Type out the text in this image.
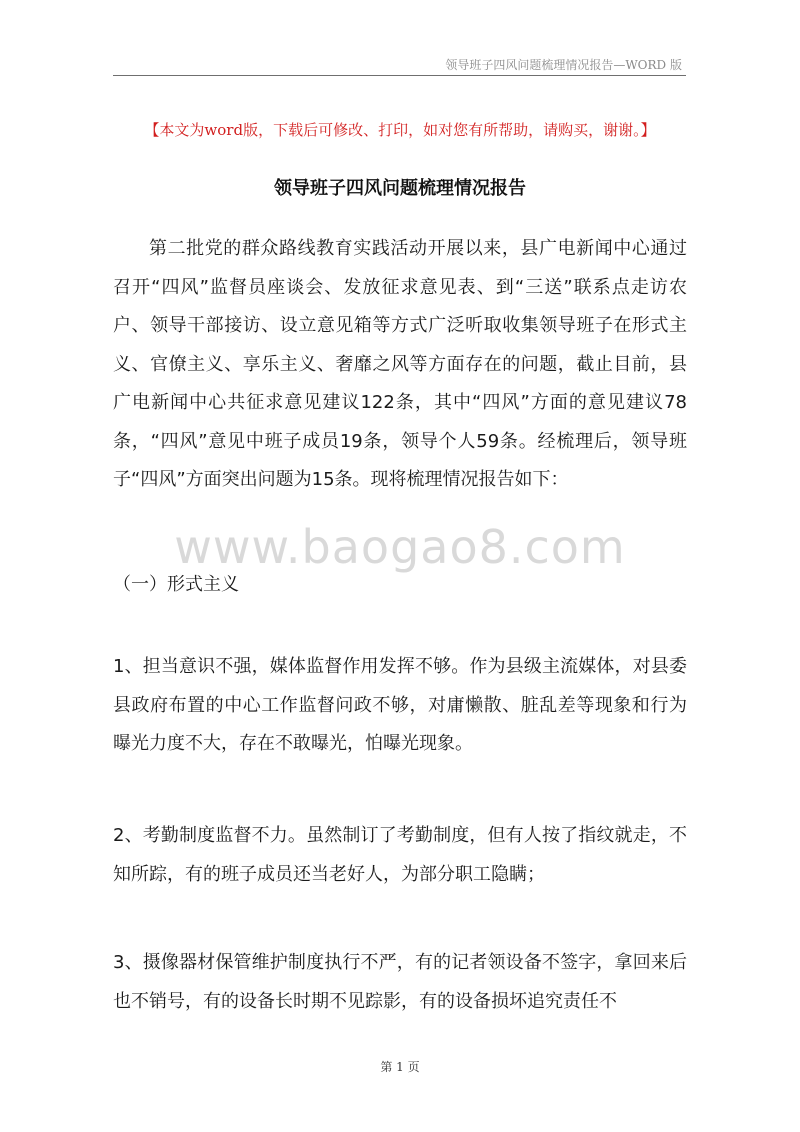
领导班子四风问题梳理情况报告—WORD 版
【本文为word版，下载后可修改、打印，如对您有所帮助，请购买，谢谢。】
领导班子四风问题梳理情况报告
第二批党的群众路线教育实践活动开展以来，县广电新闻中心通过召开“四风”监督员座谈会、发放征求意见表、到“三送”联系点走访农户、领导干部接访、设立意见箱等方式广泛听取收集领导班子在形式主义、官僚主义、享乐主义、奢靡之风等方面存在的问题，截止目前，县广电新闻中心共征求意见建议122条，其中“四风”方面的意见建议78条，“四风”意见中班子成员19条，领导个人59条。经梳理后，领导班子“四风”方面突出问题为15条。现将梳理情况报告如下：
www.baogao8.com
（一）形式主义
1、担当意识不强，媒体监督作用发挥不够。作为县级主流媒体，对县委县政府布置的中心工作监督问政不够，对庸懒散、脏乱差等现象和行为曝光力度不大，存在不敢曝光，怕曝光现象。
2、考勤制度监督不力。虽然制订了考勤制度，但有人按了指纹就走，不知所踪，有的班子成员还当老好人，为部分职工隐瞒；
3、摄像器材保管维护制度执行不严，有的记者领设备不签字，拿回来后也不销号，有的设备长时期不见踪影，有的设备损坏追究责任不
第 1 页
